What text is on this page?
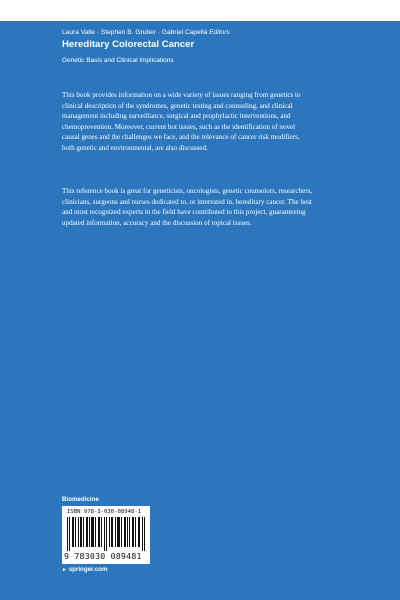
Laura Valle · Stephen B. Gruber · Gabriel Capellá Editors
Hereditary Colorectal Cancer
Genetic Basis and Clinical Implications
This book provides information on a wide variety of issues ranging from genetics to
clinical description of the syndromes, genetic testing and counseling, and clinical
management including surveillance, surgical and prophylactic interventions, and
chemoprevention. Moreover, current hot issues, such as the identification of novel
causal genes and the challenges we face, and the relevance of cancer risk modifiers,
both genetic and environmental, are also discussed.
This reference book is great for geneticists, oncologists, genetic counselors, researchers,
clinicians, surgeons and nurses dedicated to, or interested in, hereditary cancer. The best
and most recognized experts in the field have contributed to this project, guaranteeing
updated information, accuracy and the discussion of topical issues.
Biomedicine
ISBN 978-3-030-08948-1
9 783030 089481
► springer.com
